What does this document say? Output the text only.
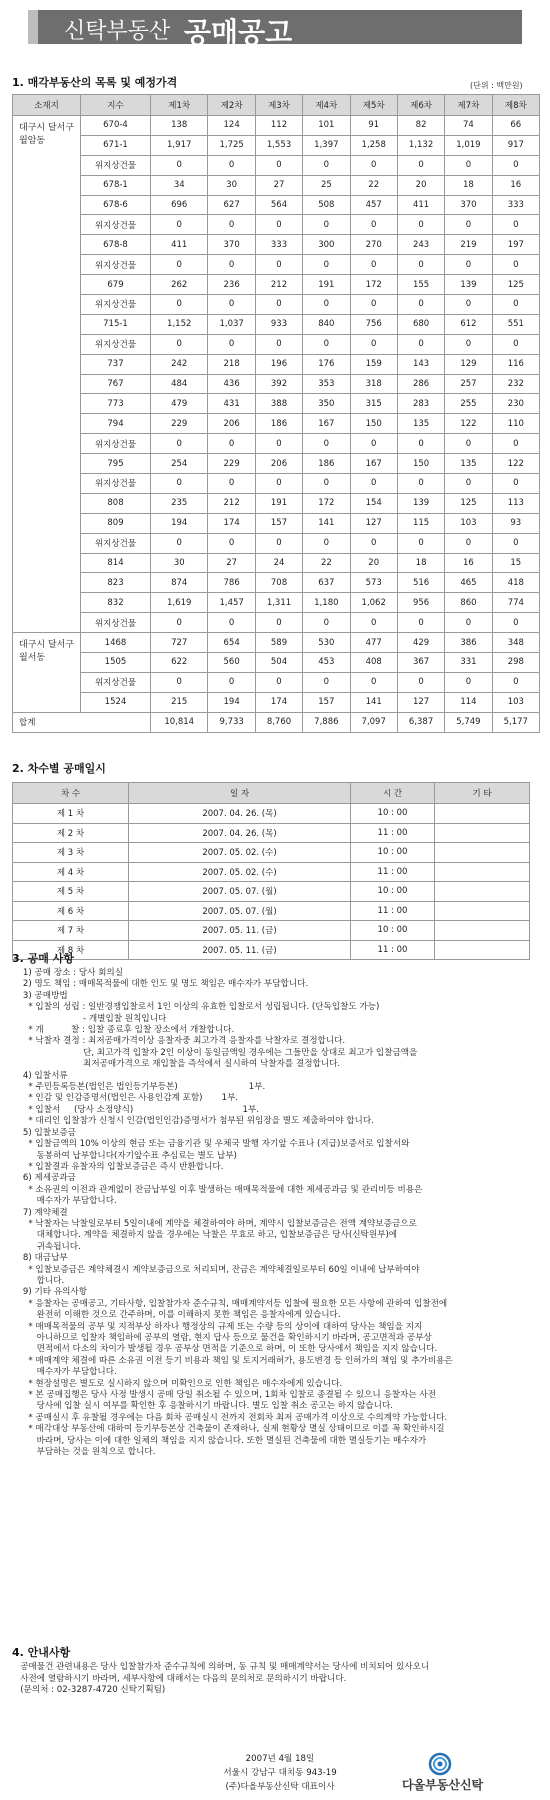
신탁부동산 공매공고
1. 매각부동산의 목록 및 예정가격	(단위 : 백만원)
소재지	지수	제1차	제2차	제3차	제4차	제5차	제6차	제7차	제8차
대구시 달서구 월암동	670-4	138	124	112	101	91	82	74	66
	671-1	1,917	1,725	1,553	1,397	1,258	1,132	1,019	917
	위지상건물	0	0	0	0	0	0	0	0
	678-1	34	30	27	25	22	20	18	16
	678-6	696	627	564	508	457	411	370	333
	위지상건물	0	0	0	0	0	0	0	0
	678-8	411	370	333	300	270	243	219	197
	위지상건물	0	0	0	0	0	0	0	0
	679	262	236	212	191	172	155	139	125
	위지상건물	0	0	0	0	0	0	0	0
	715-1	1,152	1,037	933	840	756	680	612	551
	위지상건물	0	0	0	0	0	0	0	0
	737	242	218	196	176	159	143	129	116
	767	484	436	392	353	318	286	257	232
	773	479	431	388	350	315	283	255	230
	794	229	206	186	167	150	135	122	110
	위지상건물	0	0	0	0	0	0	0	0
	795	254	229	206	186	167	150	135	122
	위지상건물	0	0	0	0	0	0	0	0
	808	235	212	191	172	154	139	125	113
	809	194	174	157	141	127	115	103	93
	위지상건물	0	0	0	0	0	0	0	0
	814	30	27	24	22	20	18	16	15
	823	874	786	708	637	573	516	465	418
	832	1,619	1,457	1,311	1,180	1,062	956	860	774
	위지상건물	0	0	0	0	0	0	0	0
대구시 달서구 월서동	1468	727	654	589	530	477	429	386	348
	1505	622	560	504	453	408	367	331	298
	위지상건물	0	0	0	0	0	0	0	0
	1524	215	194	174	157	141	127	114	103
합계		10,814	9,733	8,760	7,886	7,097	6,387	5,749	5,177
2. 차수별 공매일시
차 수	일 자	시 간	기 타
제 1 차	2007. 04. 26. (목)	10 : 00	
제 2 차	2007. 04. 26. (목)	11 : 00	
제 3 차	2007. 05. 02. (수)	10 : 00	
제 4 차	2007. 05. 02. (수)	11 : 00	
제 5 차	2007. 05. 07. (월)	10 : 00	
제 6 차	2007. 05. 07. (월)	11 : 00	
제 7 차	2007. 05. 11. (금)	10 : 00	
제 8 차	2007. 05. 11. (금)	11 : 00	
3. 공매 사항

1) 공매 장소 : 당사 회의실

2) 명도 책임 : 매매목적물에 대한 인도 및 명도 책임은 매수자가 부담합니다.

3) 공매방법

* 입찰의 성립 : 일반경쟁입찰로서 1인 이상의 유효한 입찰로서 성립됩니다. (단독입찰도 가능)

- 개별입찰 원칙입니다

* 개          찰 : 입찰 종료후 입찰 장소에서 개찰합니다.

* 낙찰자 결정 : 최저공매가격이상 응찰자중 최고가격 응찰자를 낙찰자로 결정합니다.

단, 최고가격 입찰자 2인 이상이 동일금액일 경우에는 그들만을 상대로 최고가 입찰금액을

최저공매가격으로 재입찰을 즉석에서 실시하여 낙찰자를 결정합니다.

4) 입찰서류

* 주민등록등본(법인은 법인등기부등본)                          1부.

* 인감 및 인감증명서(법인은 사용인감계 포함)       1부.

* 입찰서     (당사 소정양식)                                        1부.

* 대리인 입찰참가 신청시 인감(법인인감)증명서가 첨부된 위임장을 별도 제출하여야 합니다.

5) 입찰보증금

* 입찰금액의 10% 이상의 현금 또는 금융기관 및 우체국 발행 자기앞 수표나 (지급)보증서로 입찰서와

동봉하여 납부합니다(자기앞수표 추심료는 별도 납부)

* 입찰결과 유찰자의 입찰보증금은 즉시 반환합니다.

6) 제세공과금

* 소유권의 이전과 관계없이 잔금납부일 이후 발생하는 매매목적물에 대한 제세공과금 및 관리비등 비용은

매수자가 부담합니다.

7) 계약체결

* 낙찰자는 낙찰일로부터 5일이내에 계약을 체결하여야 하며, 계약시 입찰보증금은 전액 계약보증금으로

대체합니다. 계약을 체결하지 않을 경우에는 낙찰은 무효로 하고, 입찰보증금은 당사(신탁원부)에

귀속됩니다.

8) 대금납부

* 입찰보증금은 계약체결시 계약보증금으로 처리되며, 잔금은 계약체결일로부터 60일 이내에 납부하여야

합니다.

9) 기타 유의사항

* 응찰자는 공매공고, 기타사항, 입찰참가자 준수규칙, 매매계약서등 입찰에 필요한 모든 사항에 관하여 입찰전에

완전히 이해한 것으로 간주하며, 이를 이해하지 못한 책임은 응찰자에게 있습니다.

* 매매목적물의 공부 및 지적부상 하자나 행정상의 규제 또는 수량 등의 상이에 대하여 당사는 책임을 지지

아니하므로 입찰자 책임하에 공부의 열람, 현지 답사 등으로 물건을 확인하시기 바라며, 공고면적과 공부상

면적에서 다소의 차이가 발생될 경우 공부상 면적을 기준으로 하며, 이 또한 당사에서 책임을 지지 않습니다.

* 매매계약 체결에 따른 소유권 이전 등기 비용과 책임 및 토지거래허가, 용도변경 등 인허가의 책임 및 추가비용은

매수자가 부담합니다.

* 현장설명은 별도로 실시하지 않으며 미확인으로 인한 책임은 매수자에게 있습니다.

* 본 공매집행은 당사 사정 발생시 공매 당일 취소될 수 있으며, 1회차 입찰로 종결될 수 있으니 응찰자는 사전

당사에 입찰 실시 여부를 확인한 후 응찰하시기 바랍니다. 별도 입찰 취소 공고는 하지 않습니다.

* 공매실시 후 유찰될 경우에는 다음 회차 공매실시 전까지 전회차 최저 공매가격 이상으로 수의계약 가능합니다.

* 매각대상 부동산에 대하여 등기부등본상 건축물이 존재하나, 실제 현황상 멸실 상태이므로 이를 꼭 확인하시길

바라며, 당사는 이에 대한 일체의 책임을 지지 않습니다. 또한 멸실된 건축물에 대한 멸실등기는 매수자가

부담하는 것을 원칙으로 합니다.

4. 안내사항

공매물건 관련내용은 당사 입찰참가자 준수규칙에 의하며, 동 규칙 및 매매계약서는 당사에 비치되어 있사오니

사전에 열람하시기 바라며, 세부사항에 대해서는 다음의 문의처로 문의하시기 바랍니다.

(문의처 : 02-3287-4720 신탁기획팀)

2007년 4월 18일
서울시 강남구 대치동 943-19
(주)다올부동산신탁 대표이사	다올부동산신탁
